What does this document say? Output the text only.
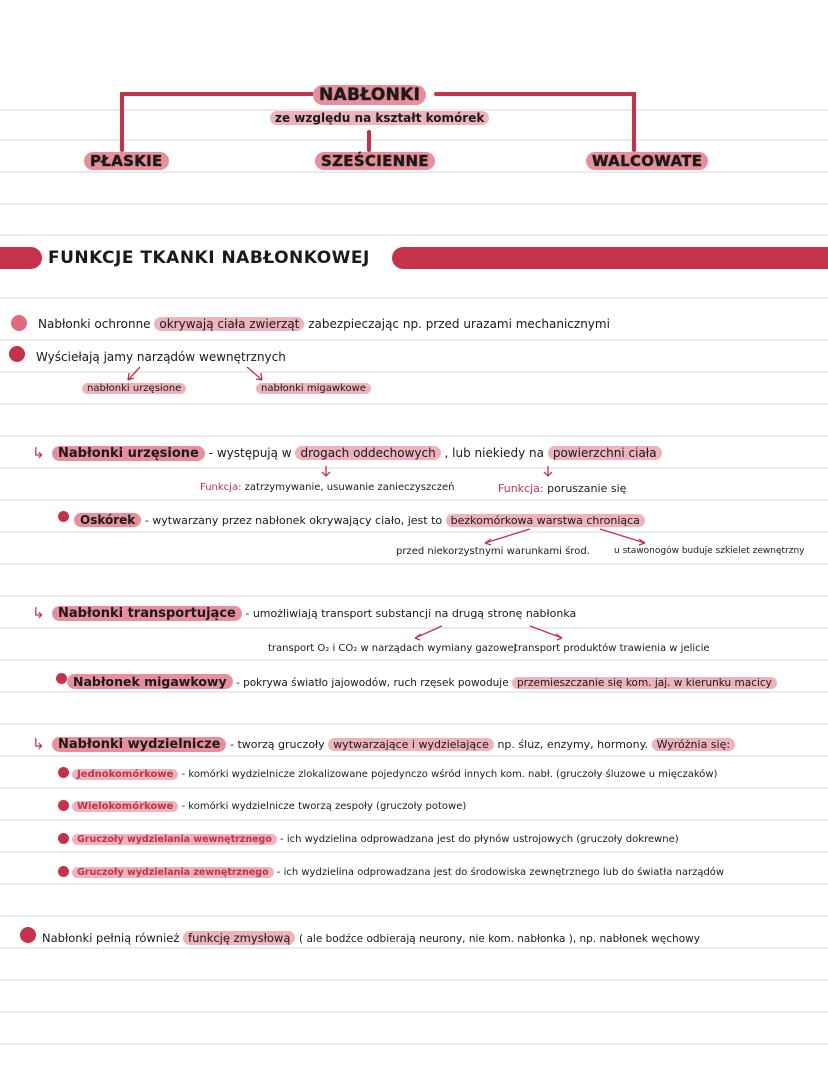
NABŁONKI
ze względu na kształt komórek
PŁASKIE	SZEŚCIENNE	WALCOWATE
FUNKCJE TKANKI NABŁONKOWEJ
Nabłonki ochronne okrywają ciała zwierząt zabezpieczając np. przed urazami mechanicznymi
Wyściełają jamy narządów wewnętrznych
nabłonki urzęsione	nabłonki migawkowe
↳	Nabłonki urzęsione - występują w drogach oddechowych , lub niekiedy na powierzchni ciała
Funkcja: zatrzymywanie, usuwanie zanieczyszczeń	Funkcja: poruszanie się
Oskórek - wytwarzany przez nabłonek okrywający ciało, jest to bezkomórkowa warstwa chroniąca
przed niekorzystnymi warunkami środ.	u stawonogów buduje szkielet zewnętrzny
↳	Nabłonki transportujące - umożliwiają transport substancji na drugą stronę nabłonka
transport O₂ i CO₂ w narządach wymiany gazowej
transport produktów trawienia w jelicie
Nabłonek migawkowy - pokrywa światło jajowodów, ruch rzęsek powoduje przemieszczanie się kom. jaj. w kierunku macicy
↳	Nabłonki wydzielnicze - tworzą gruczoły wytwarzające i wydzielające np. śluz, enzymy, hormony. Wyróżnia się:
Jednokomórkowe - komórki wydzielnicze zlokalizowane pojedynczo wśród innych kom. nabł. (gruczoły śluzowe u mięczaków)
Wielokomórkowe - komórki wydzielnicze tworzą zespoły (gruczoły potowe)
Gruczoły wydzielania wewnętrznego - ich wydzielina odprowadzana jest do płynów ustrojowych (gruczoły dokrewne)
Gruczoły wydzielania zewnętrznego - ich wydzielina odprowadzana jest do środowiska zewnętrznego lub do światła narządów
Nabłonki pełnią również funkcję zmysłową ( ale bodźce odbierają neurony, nie kom. nabłonka ), np. nabłonek węchowy
